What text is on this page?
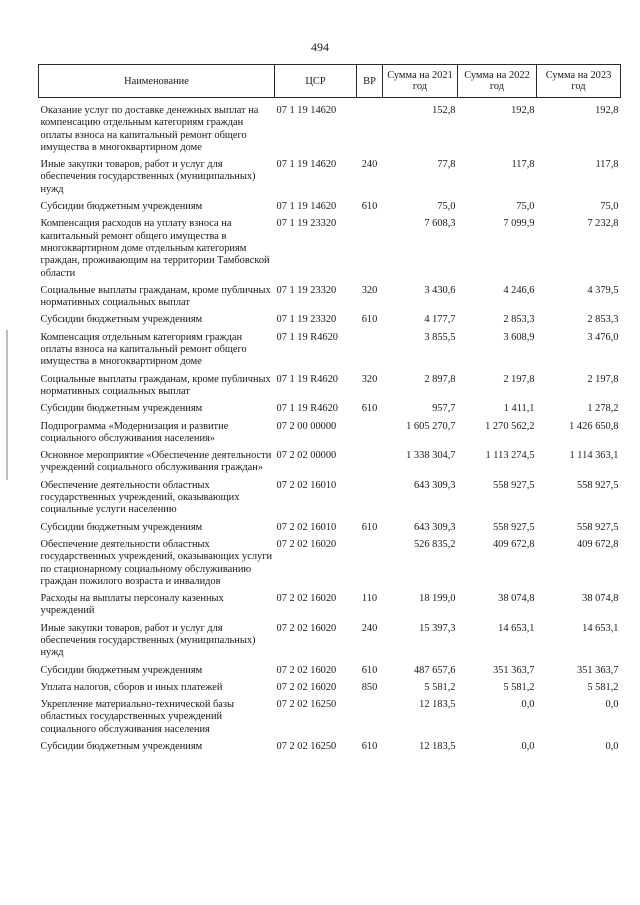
494
Наименование	ЦСР	ВР	Сумма на 2021 год	Сумма на 2022 год	Сумма на 2023 год
Оказание услуг по доставке денежных выплат на компенсацию отдельным категориям граждан оплаты взноса на капитальный ремонт общего имущества в многоквартирном доме	07 1 19 14620		152,8	192,8	192,8
Иные закупки товаров, работ и услуг для обеспечения государственных (муниципальных) нужд	07 1 19 14620	240	77,8	117,8	117,8
Субсидии бюджетным учреждениям	07 1 19 14620	610	75,0	75,0	75,0
Компенсация расходов на уплату взноса на капитальный ремонт общего имущества в многоквартирном доме отдельным категориям граждан, проживающим на территории Тамбовской области	07 1 19 23320		7 608,3	7 099,9	7 232,8
Социальные выплаты гражданам, кроме публичных нормативных социальных выплат	07 1 19 23320	320	3 430,6	4 246,6	4 379,5
Субсидии бюджетным учреждениям	07 1 19 23320	610	4 177,7	2 853,3	2 853,3
Компенсация отдельным категориям граждан оплаты взноса на капитальный ремонт общего имущества в многоквартирном доме	07 1 19 R4620		3 855,5	3 608,9	3 476,0
Социальные выплаты гражданам, кроме публичных нормативных социальных выплат	07 1 19 R4620	320	2 897,8	2 197,8	2 197,8
Субсидии бюджетным учреждениям	07 1 19 R4620	610	957,7	1 411,1	1 278,2
Подпрограмма «Модернизация и развитие социального обслуживания населения»	07 2 00 00000		1 605 270,7	1 270 562,2	1 426 650,8
Основное мероприятие «Обеспечение деятельности учреждений социального обслуживания граждан»	07 2 02 00000		1 338 304,7	1 113 274,5	1 114 363,1
Обеспечение деятельности областных государственных учреждений, оказывающих социальные услуги населению	07 2 02 16010		643 309,3	558 927,5	558 927,5
Субсидии бюджетным учреждениям	07 2 02 16010	610	643 309,3	558 927,5	558 927,5
Обеспечение деятельности областных государственных учреждений, оказывающих услуги по стационарному социальному обслуживанию граждан пожилого возраста и инвалидов	07 2 02 16020		526 835,2	409 672,8	409 672,8
Расходы на выплаты персоналу казенных учреждений	07 2 02 16020	110	18 199,0	38 074,8	38 074,8
Иные закупки товаров, работ и услуг для обеспечения государственных (муниципальных) нужд	07 2 02 16020	240	15 397,3	14 653,1	14 653,1
Субсидии бюджетным учреждениям	07 2 02 16020	610	487 657,6	351 363,7	351 363,7
Уплата налогов, сборов и иных платежей	07 2 02 16020	850	5 581,2	5 581,2	5 581,2
Укрепление материально-технической базы областных государственных учреждений социального обслуживания населения	07 2 02 16250		12 183,5	0,0	0,0
Субсидии бюджетным учреждениям	07 2 02 16250	610	12 183,5	0,0	0,0
